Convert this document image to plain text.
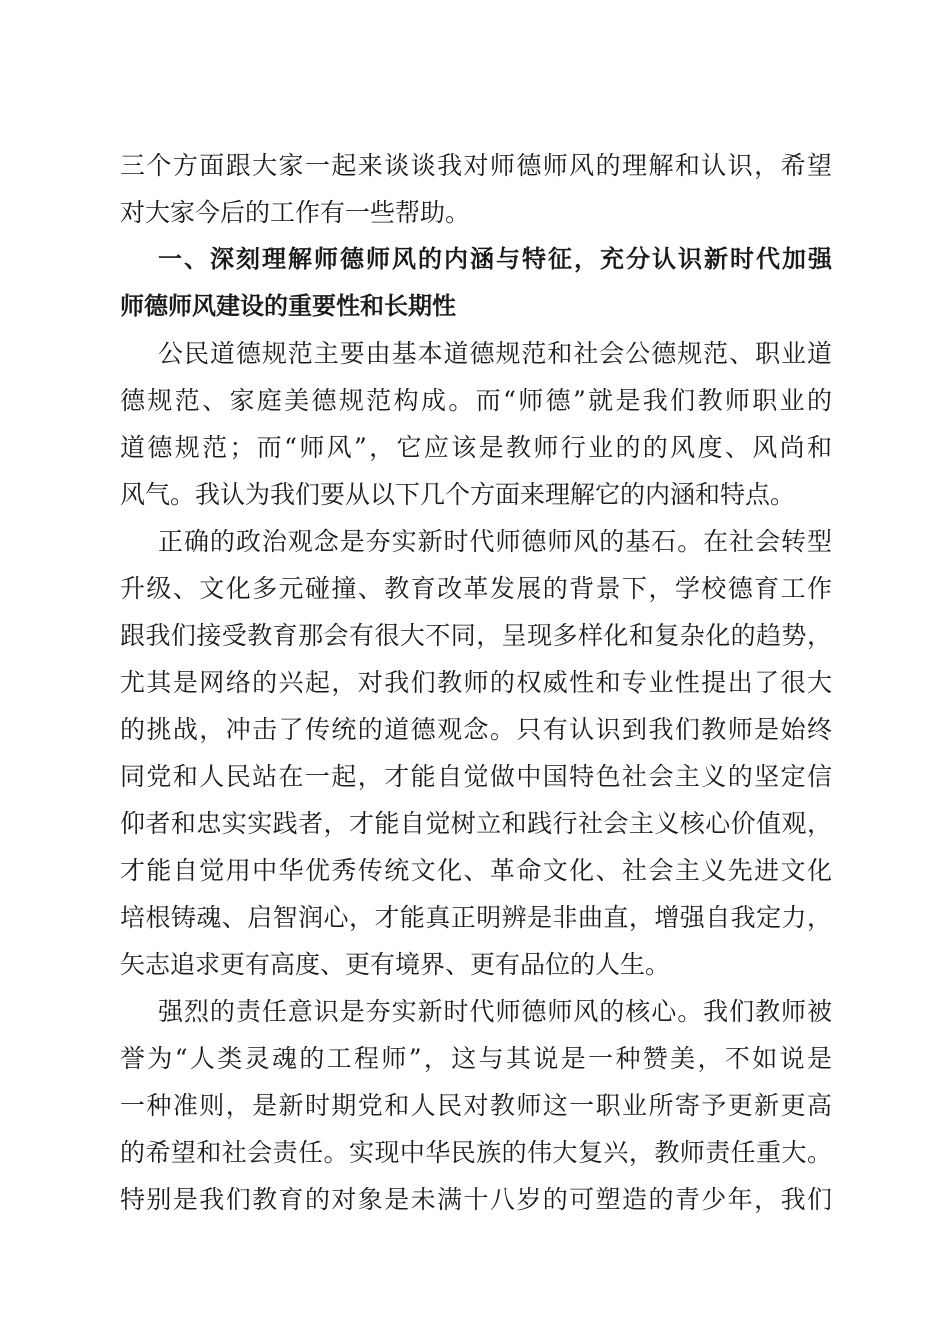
三个方面跟大家一起来谈谈我对师德师风的理解和认识，希望
对大家今后的工作有一些帮助。
一、深刻理解师德师风的内涵与特征，充分认识新时代加强
师德师风建设的重要性和长期性
公民道德规范主要由基本道德规范和社会公德规范、职业道
德规范、家庭美德规范构成。而“师德”就是我们教师职业的
道德规范；而“师风”，它应该是教师行业的的风度、风尚和
风气。我认为我们要从以下几个方面来理解它的内涵和特点。
正确的政治观念是夯实新时代师德师风的基石。在社会转型
升级、文化多元碰撞、教育改革发展的背景下，学校德育工作
跟我们接受教育那会有很大不同，呈现多样化和复杂化的趋势，
尤其是网络的兴起，对我们教师的权威性和专业性提出了很大
的挑战，冲击了传统的道德观念。只有认识到我们教师是始终
同党和人民站在一起，才能自觉做中国特色社会主义的坚定信
仰者和忠实实践者，才能自觉树立和践行社会主义核心价值观，
才能自觉用中华优秀传统文化、革命文化、社会主义先进文化
培根铸魂、启智润心，才能真正明辨是非曲直，增强自我定力，
矢志追求更有高度、更有境界、更有品位的人生。
强烈的责任意识是夯实新时代师德师风的核心。我们教师被
誉为“人类灵魂的工程师”，这与其说是一种赞美，不如说是
一种准则，是新时期党和人民对教师这一职业所寄予更新更高
的希望和社会责任。实现中华民族的伟大复兴，教师责任重大。
特别是我们教育的对象是未满十八岁的可塑造的青少年，我们
